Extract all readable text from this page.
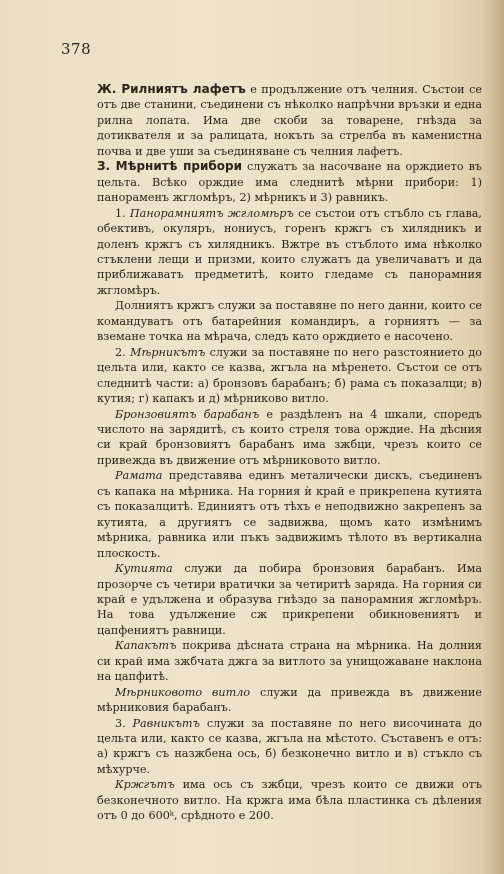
378

Ж. Рилниятъ лафетъ е продължение отъ челния. Състои се отъ две станини, съединени съ нѣколко напрѣчни връзки и една рилна лопата. Има две скоби за товарене, гнѣзда за дотиквателя и за ралицата, нокъть за стрелба въ каменистна почва и две уши за съединяване съ челния лафетъ.

З. Мѣрнитѣ прибори служатъ за насочване на орждието въ цельта. Всѣко орждие има следнитѣ мѣрни прибори: 1) панораменъ жгломѣръ, 2) мѣрникъ и 3) равникъ.

1. Панорамниятъ жгломѣръ се състои отъ стъбло съ глава, обективъ, окуляръ, нониусъ, горенъ кржгъ съ хилядникъ и доленъ кржгъ съ хилядникъ. Вжтре въ стъблото има нѣколко стъклени лещи и призми, които служатъ да увеличаватъ и да приближаватъ предметитѣ, които гледаме съ панорамния жгломѣръ.

Долниятъ кржгъ служи за поставяне по него данни, които се командуватъ отъ батарейния командиръ, а горниятъ — за вземане точка на мѣрача, следъ като орждието е насочено.

2. Мѣрникътъ служи за поставяне по него разстоянието до цельта или, както се казва, жгъла на мѣренето. Състои се отъ следнитѣ части: а) бронзовъ барабанъ; б) рама съ показалци; в) кутия; г) капакъ и д) мѣрниково витло.

Бронзовиятъ барабанъ е раздѣленъ на 4 шкали, споредъ числото на зарядитѣ, съ които стреля това орждие. На дѣсния си край бронзовиятъ барабанъ има зжбци, чрезъ които се привежда въ движение отъ мѣрниковото витло.

Рамата представява единъ металически дискъ, съединенъ съ капака на мѣрника. На горния ѝ край е прикрепена кутията съ показалцитѣ. Единиятъ отъ тѣхъ е неподвижно закрепенъ за кутията, а другиятъ се задвижва, щомъ като измѣнимъ мѣрника, равника или пъкъ задвижимъ тѣлото въ вертикална плоскость.

Кутията служи да побира бронзовия барабанъ. Има прозорче съ четири вратички за четиритѣ заряда. На горния си край е удължена и образува гнѣздо за панорамния жгломѣръ. На това удължение сж прикрепени обикновениятъ и цапфениятъ равници.

Капакътъ покрива дѣсната страна на мѣрника. На долния си край има зжбчата джга за витлото за унищожаване наклона на цапфитѣ.

Мѣрниковото витло служи да привежда въ движение мѣрниковия барабанъ.

3. Равникътъ служи за поставяне по него височината до цельта или, както се казва, жгъла на мѣстото. Съставенъ е отъ: а) кржгъ съ назжбена ось, б) безконечно витло и в) стъкло съ мѣхурче.

Кржгътъ има ось съ зжбци, чрезъ които се движи отъ безконечното витло. На кржга има бѣла пластинка съ дѣления отъ 0 до 600ᵏ, срѣдното е 200.
